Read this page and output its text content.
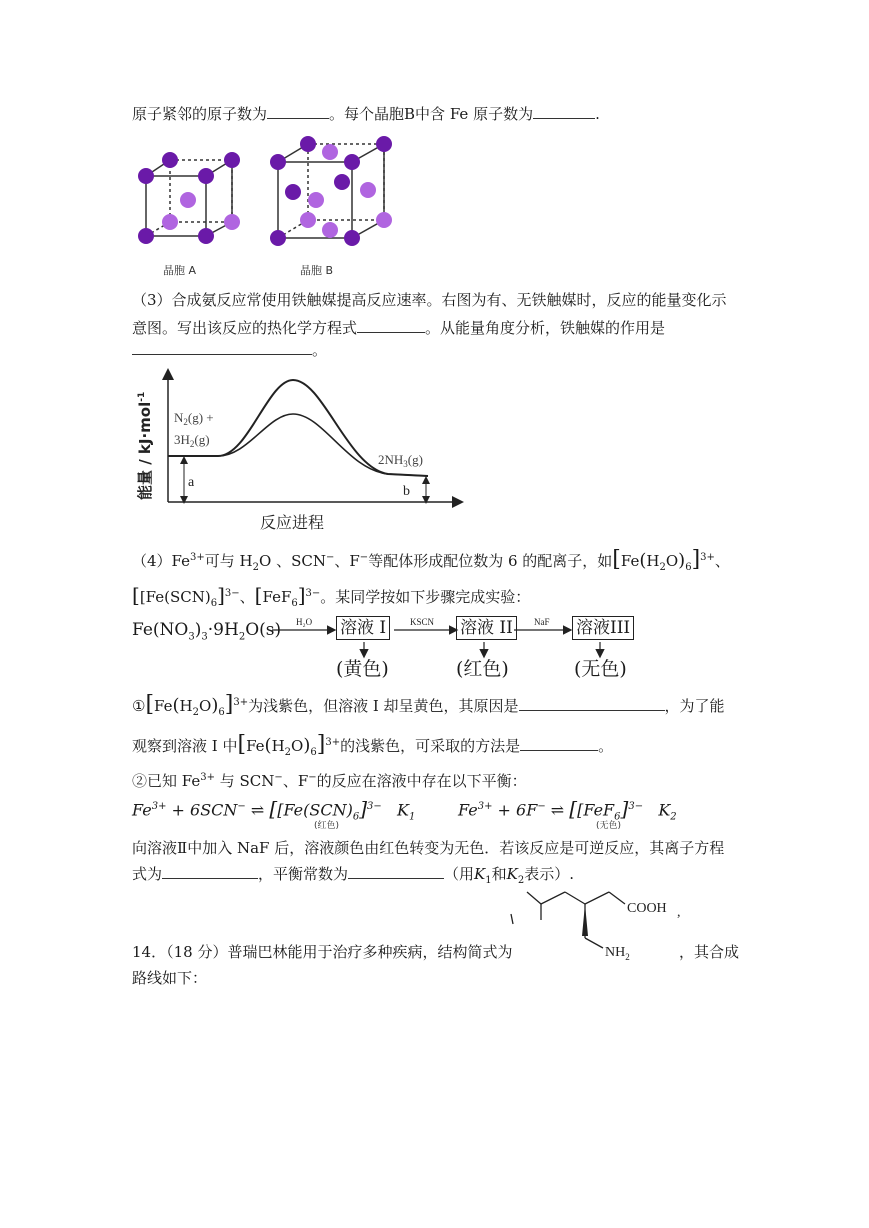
原子紧邻的原子数为	。每个晶胞B中含 Fe 原子数为	.
晶胞 A	晶胞 B
（3）合成氨反应常使用铁触媒提高反应速率。右图为有、无铁触媒时，反应的能量变化示
意图。写出该反应的热化学方程式	。从能量角度分析，铁触媒的作用是
。
a
b
$N_2(g)$ +
$3H_2(g)$
$2NH_3(g)$
反应进程
能量 / kJ·mol$^{-1}$
$(4)Fe^{3+}$可与 $H_2O$ 、SCN−、F−等配体形成配位数为 6 的配离子，如$[Fe(H_2O)_6]^{3+}$、
[$[Fe(SCN)_6]^{3-}$、$[FeF_6]^{3-}$。某同学按如下步骤完成实验：
$Fe(NO_3)_3\cdot 9H_2O(s)$ H₂O	KSCN	NaF
溶液 I	溶液 II	溶液III
(黄色)	(红色)	(无色)
$①[Fe(H_2O)_6]^{3+}$为浅紫色，但溶液 I 却呈黄色，其原因是	，为了能
观察到溶液 I 中$[Fe(H_2O)_6]^{3+}$的浅紫色，可采取的方法是	。
②已知 $Fe^{3+}$ 与 SCN−、F−的反应在溶液中存在以下平衡：
$Fe^{3+} + 6SCN^-$ ⇌ [$[Fe(SCN)_6]^{3-}$ $K_1$
(红色)
$Fe^{3+} + 6F^-$ ⇌ [$[FeF_6]^{3-}$ $K_2$
(无色)
向溶液Ⅱ中加入 NaF 后，溶液颜色由红色转变为无色．若该反应是可逆反应，其离子方程
式为	，平衡常数为	（用$K_1$和$K_2$表示）.
COOH ,
$NH_2$
14．（18 分）普瑞巴林能用于治疗多种疾病，结构简式为	，其合成
路线如下：
